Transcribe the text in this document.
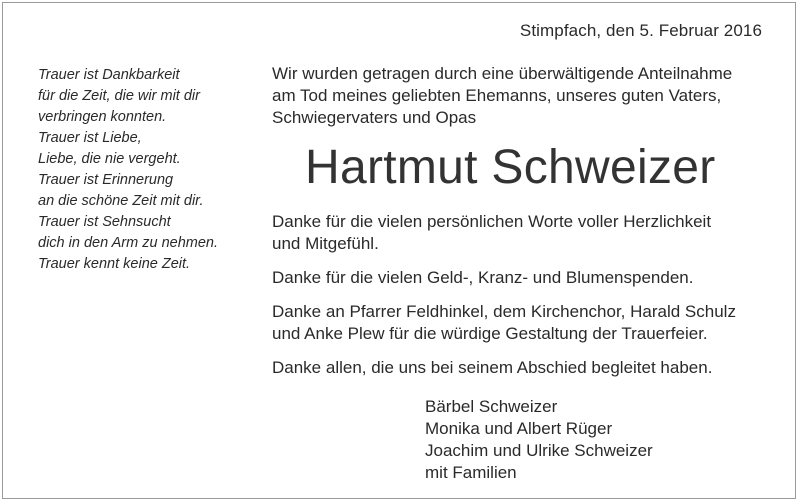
Stimpfach, den 5. Februar 2016
Trauer ist Dankbarkeit
für die Zeit, die wir mit dir
verbringen konnten.
Trauer ist Liebe,
Liebe, die nie vergeht.
Trauer ist Erinnerung
an die schöne Zeit mit dir.
Trauer ist Sehnsucht
dich in den Arm zu nehmen.
Trauer kennt keine Zeit.
Wir wurden getragen durch eine überwältigende Anteilnahme
am Tod meines geliebten Ehemanns, unseres guten Vaters,
Schwiegervaters und Opas
Hartmut Schweizer
Danke für die vielen persönlichen Worte voller Herzlichkeit
und Mitgefühl.
Danke für die vielen Geld-, Kranz- und Blumenspenden.
Danke an Pfarrer Feldhinkel, dem Kirchenchor, Harald Schulz
und Anke Plew für die würdige Gestaltung der Trauerfeier.
Danke allen, die uns bei seinem Abschied begleitet haben.
Bärbel Schweizer
Monika und Albert Rüger
Joachim und Ulrike Schweizer
mit Familien
